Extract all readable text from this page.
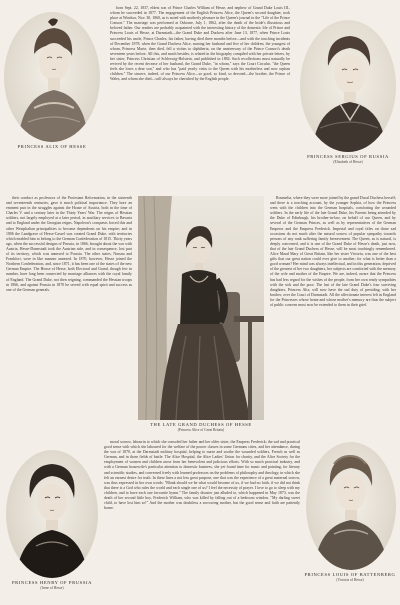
PRINCESS ALIX OF HESSE

born Sept. 22, 1837, eldest son of Prince Charles William of Hesse, and nephew of Grand Duke Louis III., whom he succeeded in 1877. The engagement of the English Princess Alice, the Queen's second daughter, took place at Windsor, Nov. 30, 1860, as is noted with motherly pleasure in the Queen's journal in the "Life of the Prince Consort." The marriage was performed at Osborne, July 1, 1862, after the death of the bride's illustrious and beloved father. Our readers are probably acquainted with the interesting history of the domestic life of Prince and Princess Louis of Hesse, at Darmstadt—the Grand Duke and Duchess after June 13, 1877, when Prince Louis succeeded his uncle, Prince Charles, his father, having died three months before—and with the touching incidents of December 1878, when the Grand Duchess Alice, nursing her husband and five of her children, the youngest of whom, Princess Marie, then died, fell a victim to diphtheria, on the anniversary of the Prince Consort's death seventeen years before. All this, and much besides, is related in the biography compiled with her private letters, by her sister, Princess Christian of Schleswig-Holstein, and published in 1884. Such recollections must naturally be revived by the recent decease of her husband, the Grand Duke, "in whom," says the Court Circular, "the Queen feels she loses a dear son," and who has "paid yearly visits to the Queen with his motherless and now orphan children." The sincere, indeed, of our Princess Alice—so good, so kind, so devoted—the brother, the Prince of Wales, and whom she died—will always be cherished by the English people.

PRINCESS SERGIUS OF RUSSIA
(Elizabeth of Hesse)

their conduct as professors of the Protestant Reformation, in the sixteenth and seventeenth centuries, gave it much political importance. They bore an eminent part in the struggles against the House of Austria, both in the time of Charles V. and a century later in the Thirty Years' War. The reigns of Hessian soldiers, not largely employed at a later period, in auxiliary services to Bavaria and to England under the Georgian reigns. Napoleon's conquests forced this and other Westphalian principalities to become dependents on his empire; and in 1806 the Landgrave of Hesse-Cassel was created Grand Duke, with territories which enabled him to belong to the German Confederation of 1815. Thirty years ago, when the successful designs of Prussia, in 1866, brought about the war with Austria, Hesse-Darmstadt took the Austrian side, and in consequence, lost part of its territory, which was annexed to Prussia. The other states, Nassau and Frankfort, were in like manner annexed. In 1870, however, Hesse joined the Northern Confederation, and, since 1871, it has been one of the states of the new German Empire. The House of Hesse, both Electoral and Grand, though few in number, have long been connected by marriage alliances with the royal family of England. The Grand Duke, not then reigning, commanded the Hessian troops in 1866, and against Prussia in 1870 he served with equal spirit and success as one of the German generals.

THE LATE GRAND DUCHESS OF HESSE
(Princess Alice of Great Britain)

Roumelia, where they were more joined by the grand Ducal Duchess herself; and there is a touching account, by the younger Sophia, of how the Princess went with the children into the German hospitals, comforting the wounded soldiers. In the early life of the late Grand Duke, his Parents being attended by the Duke of Edinburgh, his brother-in-law, on behalf of our Queen, and by several of the German Princes, as well as by representatives of the German Emperor and the Empress Frederick. Imperial and royal titles on those sad occasions do not much alter the natural sorrow of popular sympathy towards persons of any rank suffering family bereavement. The Queen, as is natural, is deeply concerned, and it is one of the Grand Duke of Hesse's death, just now, that of the late Grand Duchess of Hesse, will be most touchingly remembered. Alice Maud Mary of Great Britain, like her sister Victoria, was one of the best gifts that our great nation could ever give to another; for what is better than a good woman? Her mind was always intellectual, and in this generation, deprived of the greatest of her two daughters, her subjects are comforted with the memory of the wife and mother of the Empire. We are, indeed, aware that the Princess has had less regard for the wishes of the people, from her own ready sympathies with the sick and the poor. The last of the late Grand Duke's four surviving daughters, Princess Alix, will now have the sad duty of presiding, with her brother, over the Court of Darmstadt. All the affectionate interest felt in England for the Princesses whose home and whose mother's memory are thus the subject of public concern must now be extended to them in their grief.

PRINCESS HENRY OF PRUSSIA
(Irene of Hesse)

moral sorrow, labourin to which she consoled her father and her older sister, the Empress Frederick; the sad and practical good sense with which she laboured for the welfare of the poorer classes in some Germans cities, and her attendance, during the war of 1870, at the Darmstadt military hospital, helping to nurse and soothe the wounded soldiers, French as well as German, and in those fields of battle. The Alice Hospital, the Alice Ladies' Union for charity, and the Alice Society for the employment of women and children arose from her benevolent and judicious efforts. With so much practical industry, and with a German housewife's particular attention to domestic business, she yet found time for music and painting, for literary and scientific studies, and conversed freely with learned professors on the problems of philosophy and theology, in which she felt an earnest desire for truth. In these lines a not less great purpose, one that was the experience of a great maternal sorrow, was thus expressed in her own words: "Blank should we be what would become of us, if we had no faith, if we did not think that there is a God who rules the world and each single one of us? I feel the necessity of prayer. I love to go to sleep with my children, and to have each one favourite hymn." The family disaster just alluded to, which happened in May 1873, was the death of her second little boy, Frederick William, who was killed by falling out of a bedroom window. "My darling sweet child, to have lost him so!" And the mother was doubtless a sorrowing mother, but the good sense and faith are patiently borne.

PRINCESS LOUIS OF BATTENBERG
(Victoria of Hesse)
